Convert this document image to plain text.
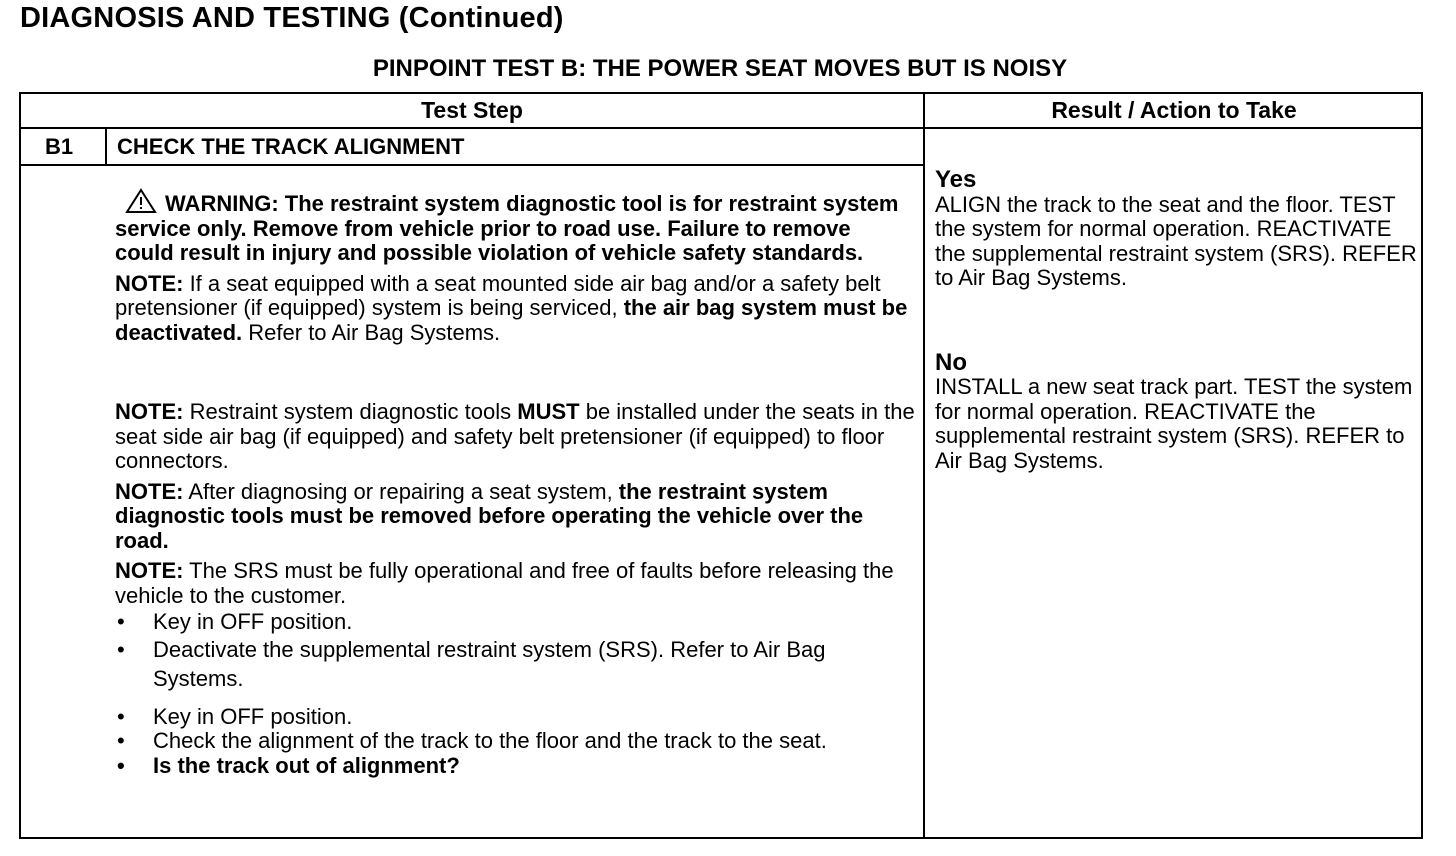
DIAGNOSIS AND TESTING (Continued)
PINPOINT TEST B: THE POWER SEAT MOVES BUT IS NOISY
Test Step	Result / Action to Take
B1 CHECK THE TRACK ALIGNMENT

WARNING: The restraint system diagnostic tool is for restraint system service only. Remove from vehicle prior to road use. Failure to remove could result in injury and possible violation of vehicle safety standards.

NOTE: If a seat equipped with a seat mounted side air bag and/or a safety belt pretensioner (if equipped) system is being serviced, the air bag system must be deactivated. Refer to Air Bag Systems.

NOTE: Restraint system diagnostic tools MUST be installed under the seats in the seat side air bag (if equipped) and safety belt pretensioner (if equipped) to floor connectors.

NOTE: After diagnosing or repairing a seat system, the restraint system diagnostic tools must be removed before operating the vehicle over the road.

NOTE: The SRS must be fully operational and free of faults before releasing the vehicle to the customer.

• Key in OFF position.
• Deactivate the supplemental restraint system (SRS). Refer to Air Bag Systems.
• Key in OFF position.
• Check the alignment of the track to the floor and the track to the seat.
• Is the track out of alignment?
Yes
ALIGN the track to the seat and the floor. TEST the system for normal operation. REACTIVATE the supplemental restraint system (SRS). REFER to Air Bag Systems.
No
INSTALL a new seat track part. TEST the system for normal operation. REACTIVATE the supplemental restraint system (SRS). REFER to Air Bag Systems.
